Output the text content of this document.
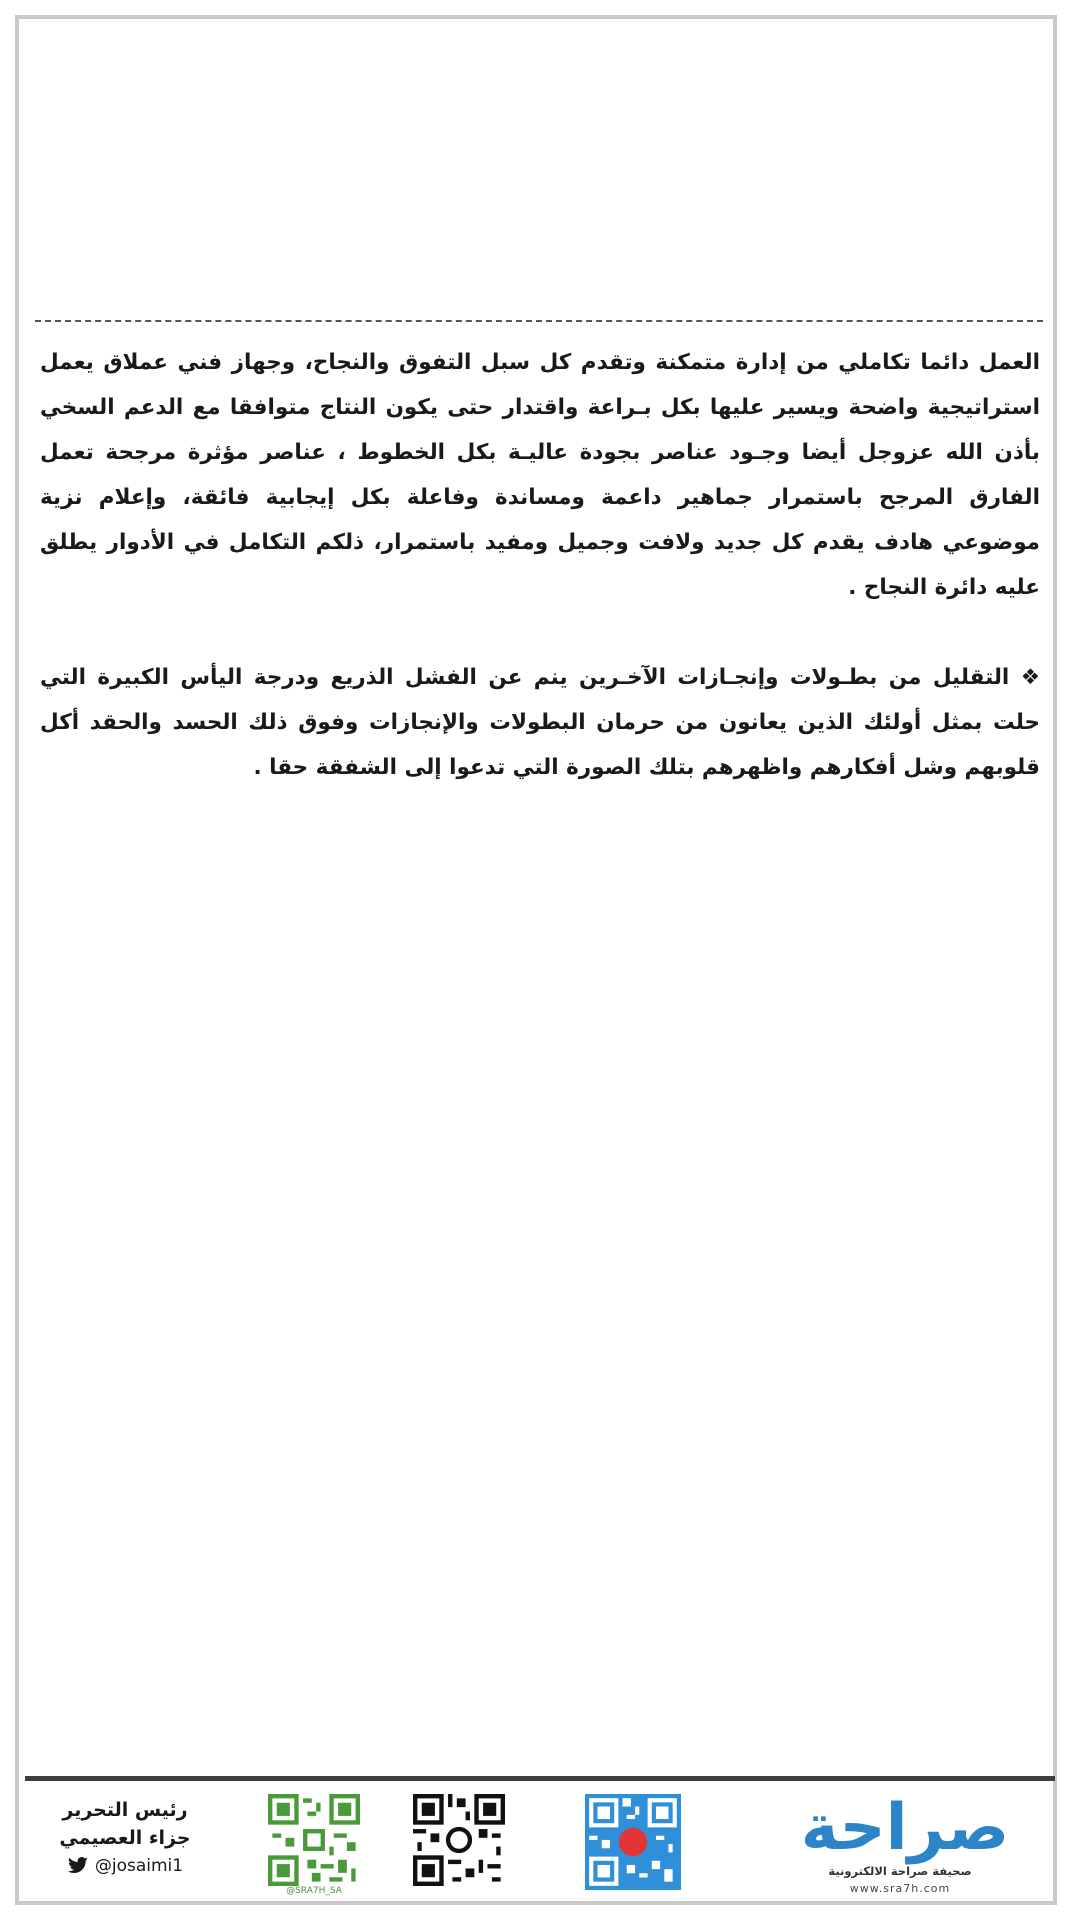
العمل دائما تكاملي من إدارة متمكنة وتقدم كل سبل التفوق والنجاح، وجهاز فني عملاق يعمل استراتيجية واضحة ويسير عليها بكل بـراعة واقتدار حتى يكون النتاج متوافقا مع الدعم السخي بأذن الله عزوجل أيضا وجـود عناصر بجودة عاليـة بكل الخطوط ، عناصر مؤثرة مرجحة تعمل الفارق المرجح باستمرار جماهير داعمة ومساندة وفاعلة بكل إيجابية فائقة، وإعلام نزية موضوعي هادف يقدم كل جديد ولافت وجميل ومفيد باستمرار، ذلكم التكامل في الأدوار يطلق عليه دائرة النجاح .

❖ التقليل من بطـولات وإنجـازات الآخـرين ينم عن الفشل الذريع ودرجة اليأس الكبيرة التي حلت بمثل أولئك الذين يعانون من حرمان البطولات والإنجازات وفوق ذلك الحسد والحقد أكل قلوبهم وشل أفكارهم واظهرهم بتلك الصورة التي تدعوا إلى الشفقة حقا .

رئيس التحرير
جزاء العصيمي
@josaimi1
@SRA7H_SA
صراحة
صحيفة صراحة الالكترونية
www.sra7h.com
